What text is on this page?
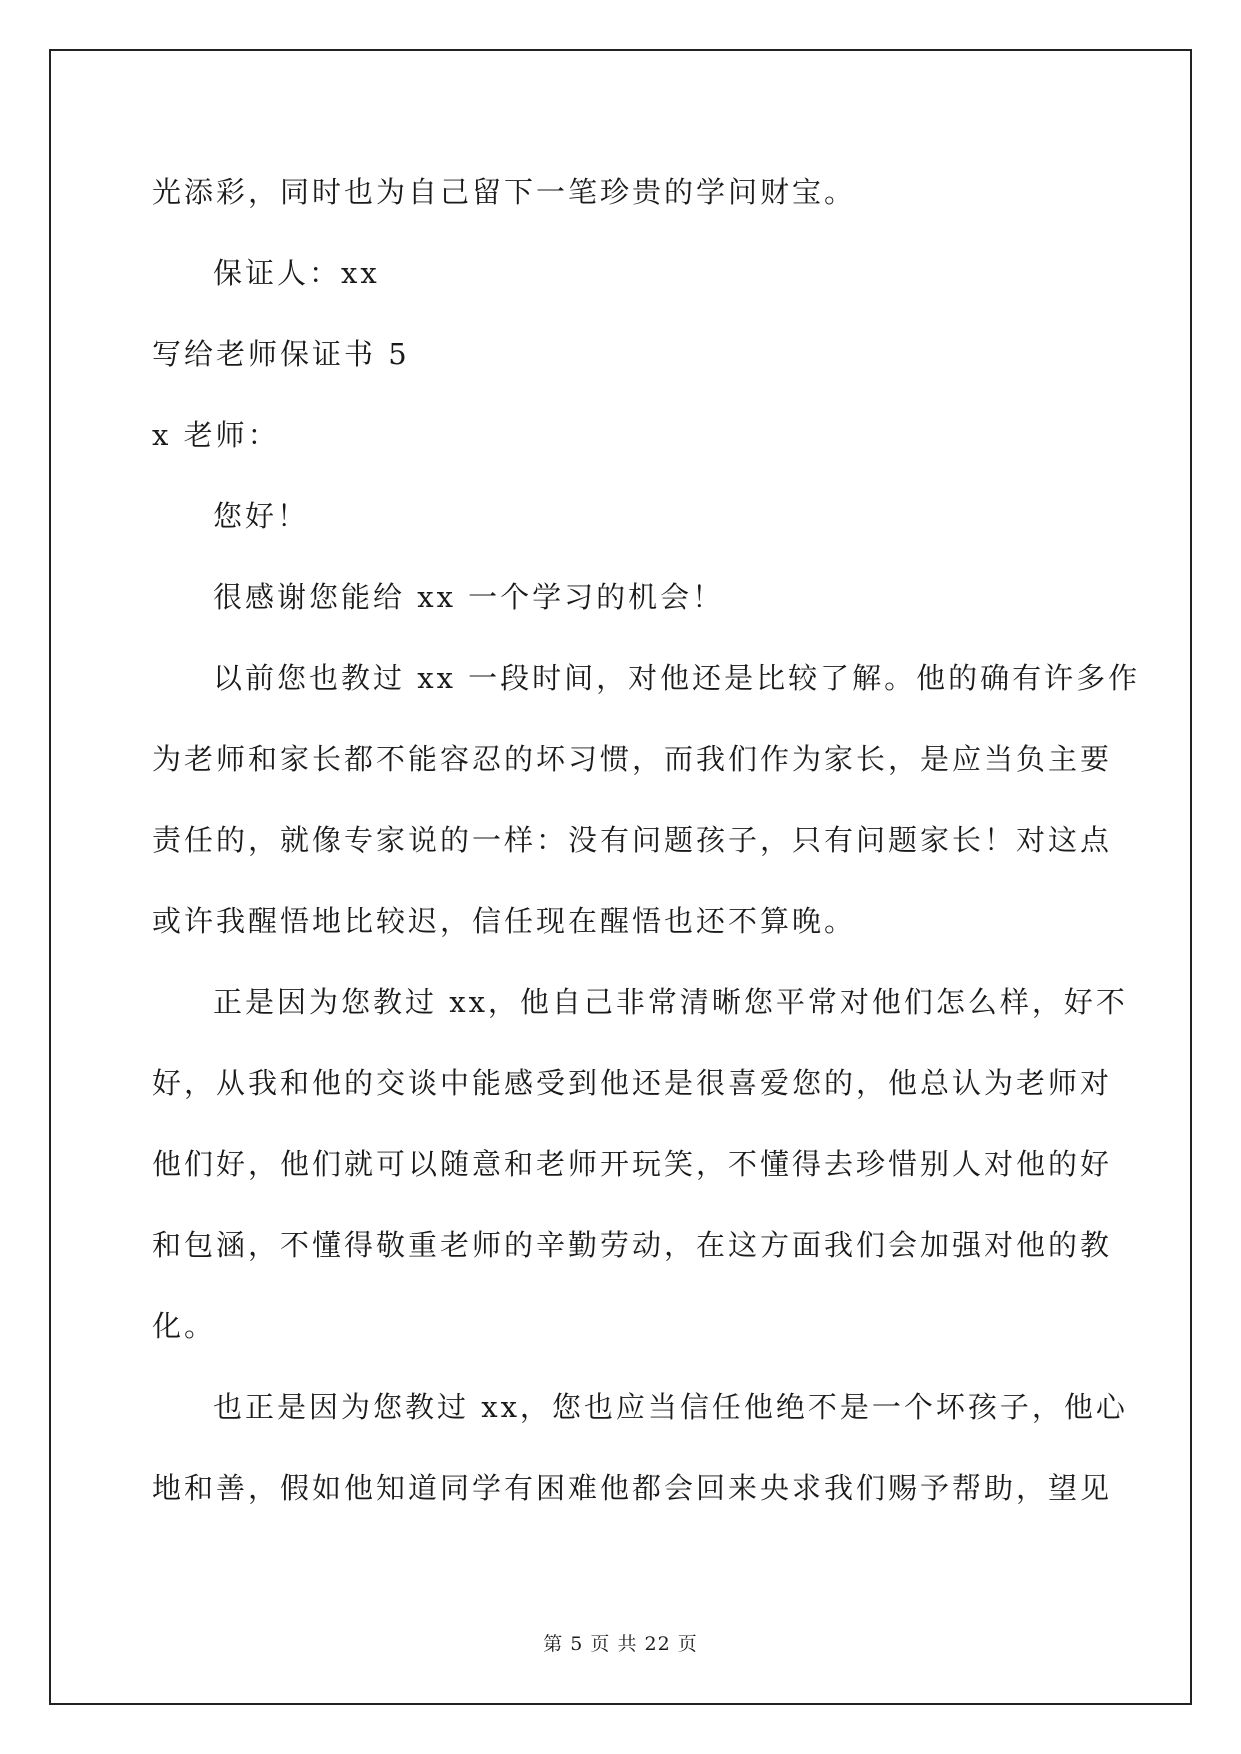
光添彩，同时也为自己留下一笔珍贵的学问财宝。

保证人：xx

写给老师保证书 5

x 老师：

您好！

很感谢您能给 xx 一个学习的机会！

以前您也教过 xx 一段时间，对他还是比较了解。他的确有许多作

为老师和家长都不能容忍的坏习惯，而我们作为家长，是应当负主要

责任的，就像专家说的一样：没有问题孩子，只有问题家长！对这点

或许我醒悟地比较迟，信任现在醒悟也还不算晚。

正是因为您教过 xx，他自己非常清晰您平常对他们怎么样，好不

好，从我和他的交谈中能感受到他还是很喜爱您的，他总认为老师对

他们好，他们就可以随意和老师开玩笑，不懂得去珍惜别人对他的好

和包涵，不懂得敬重老师的辛勤劳动，在这方面我们会加强对他的教

化。

也正是因为您教过 xx，您也应当信任他绝不是一个坏孩子，他心

地和善，假如他知道同学有困难他都会回来央求我们赐予帮助，望见

第 5 页 共 22 页
